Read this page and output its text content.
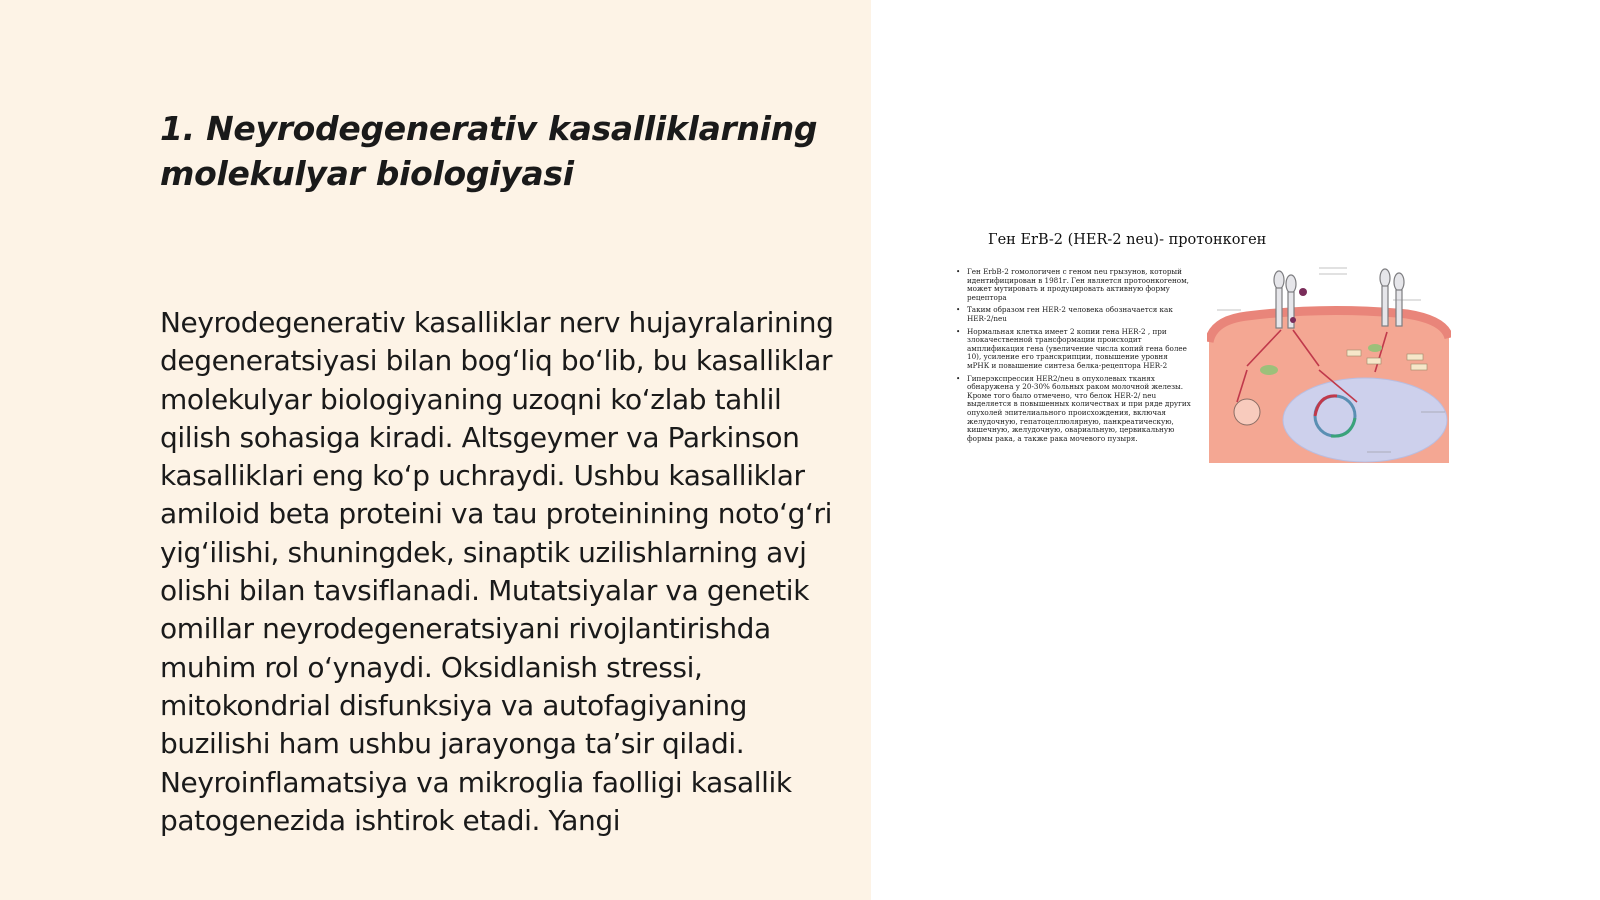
1. Neyrodegenerativ kasalliklarning molekulyar biologiyasi

Neyrodegenerativ kasalliklar nerv hujayralarining degeneratsiyasi bilan bog‘liq bo‘lib, bu kasalliklar molekulyar biologiyaning uzoqni ko‘zlab tahlil qilish sohasiga kiradi. Altsgeymer va Parkinson kasalliklari eng ko‘p uchraydi. Ushbu kasalliklar amiloid beta proteini va tau proteinining noto‘g‘ri yig‘ilishi, shuningdek, sinaptik uzilishlarning avj olishi bilan tavsiflanadi. Mutatsiyalar va genetik omillar neyrodegeneratsiyani rivojlantirishda muhim rol o‘ynaydi. Oksidlanish stressi, mitokondrial disfunksiya va autofagiyaning buzilishi ham ushbu jarayonga ta’sir qiladi. Neyroinflamatsiya va mikroglia faolligi kasallik patogenezida ishtirok etadi. Yangi

Ген ErB-2 (HER-2 neu)- протонкоген
• Ген ErbB-2 гомологичен с геном neu грызунов, который идентифицирован в 1981г. Ген является протоонкогеном, может мутировать и продуцировать активную форму рецептора
• Таким образом ген HER-2 человека обозначается как HER-2/neu
• Нормальная клетка имеет 2 копии гена HER-2 , при злокачественной трансформации происходит амплификация гена (увеличение числа копий гена более 10), усиление его транскрипции, повышение уровня мРНК и повышение синтеза белка-рецептора HER-2
• Гиперэкспрессия HER2/neu в опухолевых тканях обнаружена у 20-30% больных раком молочной железы. Кроме того было отмечено, что белок HER-2/ neu выделяется в повышенных количествах и при ряде других опухолей эпителиального происхождения, включая желудочную, гепатоцеллюлярную, панкреатическую, кишечную, желудочную, овариальную, цервикальную формы рака, а также рака мочевого пузыря.
